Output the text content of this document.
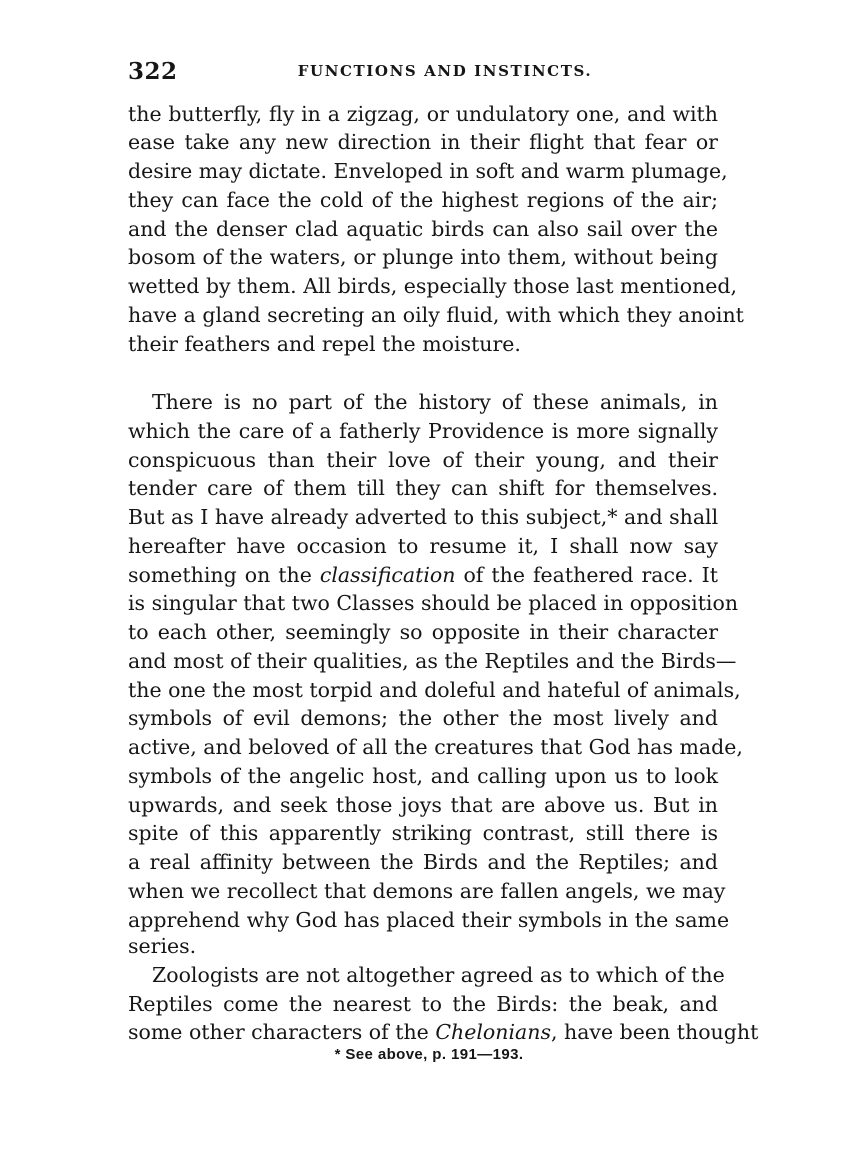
322	FUNCTIONS AND INSTINCTS.
the butterfly, fly in a zigzag, or undulatory one, and with
ease take any new direction in their flight that fear or
desire may dictate. Enveloped in soft and warm plumage,
they can face the cold of the highest regions of the air;
and the denser clad aquatic birds can also sail over the
bosom of the waters, or plunge into them, without being
wetted by them. All birds, especially those last mentioned,
have a gland secreting an oily fluid, with which they anoint
their feathers and repel the moisture.
There is no part of the history of these animals, in
which the care of a fatherly Providence is more signally
conspicuous than their love of their young, and their
tender care of them till they can shift for themselves.
But as I have already adverted to this subject,* and shall
hereafter have occasion to resume it, I shall now say
something on the classification of the feathered race. It
is singular that two Classes should be placed in opposition
to each other, seemingly so opposite in their character
and most of their qualities, as the Reptiles and the Birds—
the one the most torpid and doleful and hateful of animals,
symbols of evil demons; the other the most lively and
active, and beloved of all the creatures that God has made,
symbols of the angelic host, and calling upon us to look
upwards, and seek those joys that are above us. But in
spite of this apparently striking contrast, still there is
a real affinity between the Birds and the Reptiles; and
when we recollect that demons are fallen angels, we may
apprehend why God has placed their symbols in the same
series.
Zoologists are not altogether agreed as to which of the
Reptiles come the nearest to the Birds: the beak, and
some other characters of the Chelonians, have been thought
* See above, p. 191—193.
